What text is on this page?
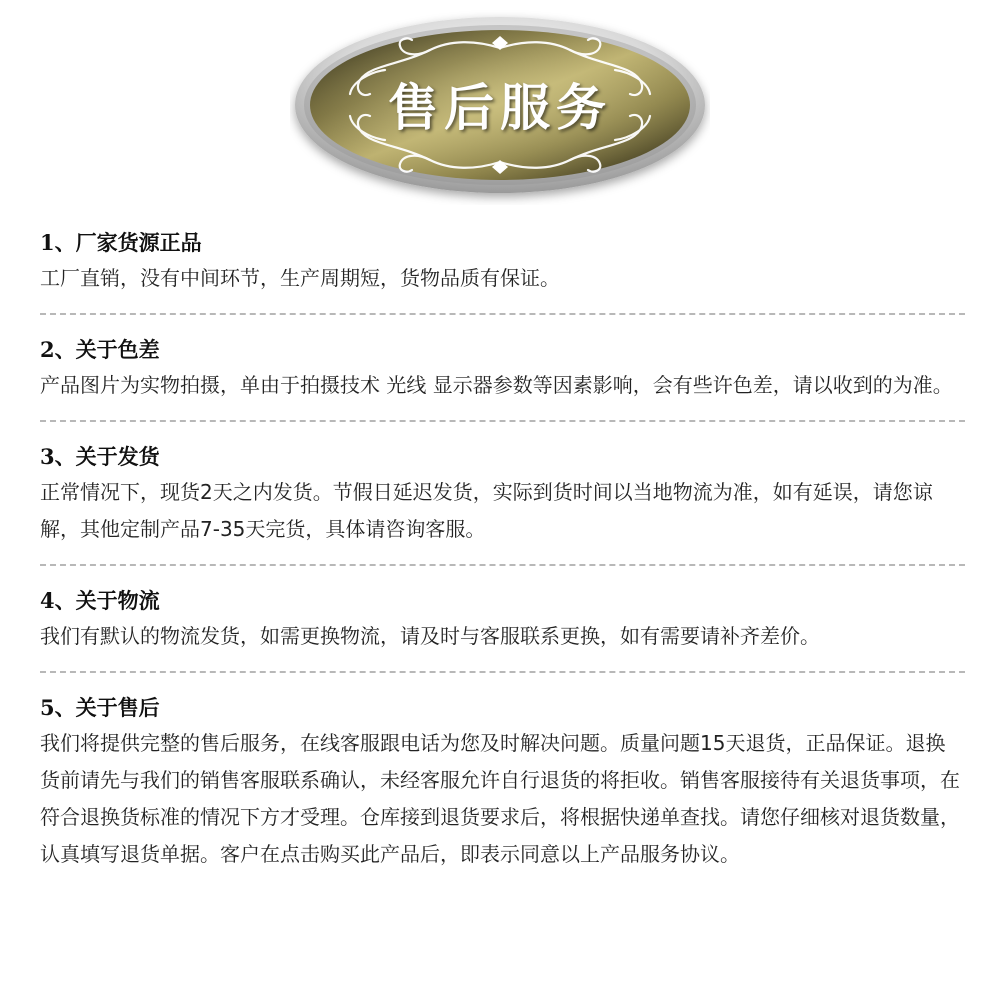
售后服务

1、厂家货源正品

工厂直销，没有中间环节，生产周期短，货物品质有保证。

2、关于色差

产品图片为实物拍摄，单由于拍摄技术 光线 显示器参数等因素影响，会有些许色差，请以收到的为准。

3、关于发货

正常情况下，现货2天之内发货。节假日延迟发货，实际到货时间以当地物流为准，如有延误，请您谅解，其他定制产品7-35天完货，具体请咨询客服。

4、关于物流

我们有默认的物流发货，如需更换物流，请及时与客服联系更换，如有需要请补齐差价。

5、关于售后

我们将提供完整的售后服务，在线客服跟电话为您及时解决问题。质量问题15天退货，正品保证。退换货前请先与我们的销售客服联系确认，未经客服允许自行退货的将拒收。销售客服接待有关退货事项，在符合退换货标准的情况下方才受理。仓库接到退货要求后，将根据快递单查找。请您仔细核对退货数量，认真填写退货单据。客户在点击购买此产品后，即表示同意以上产品服务协议。
